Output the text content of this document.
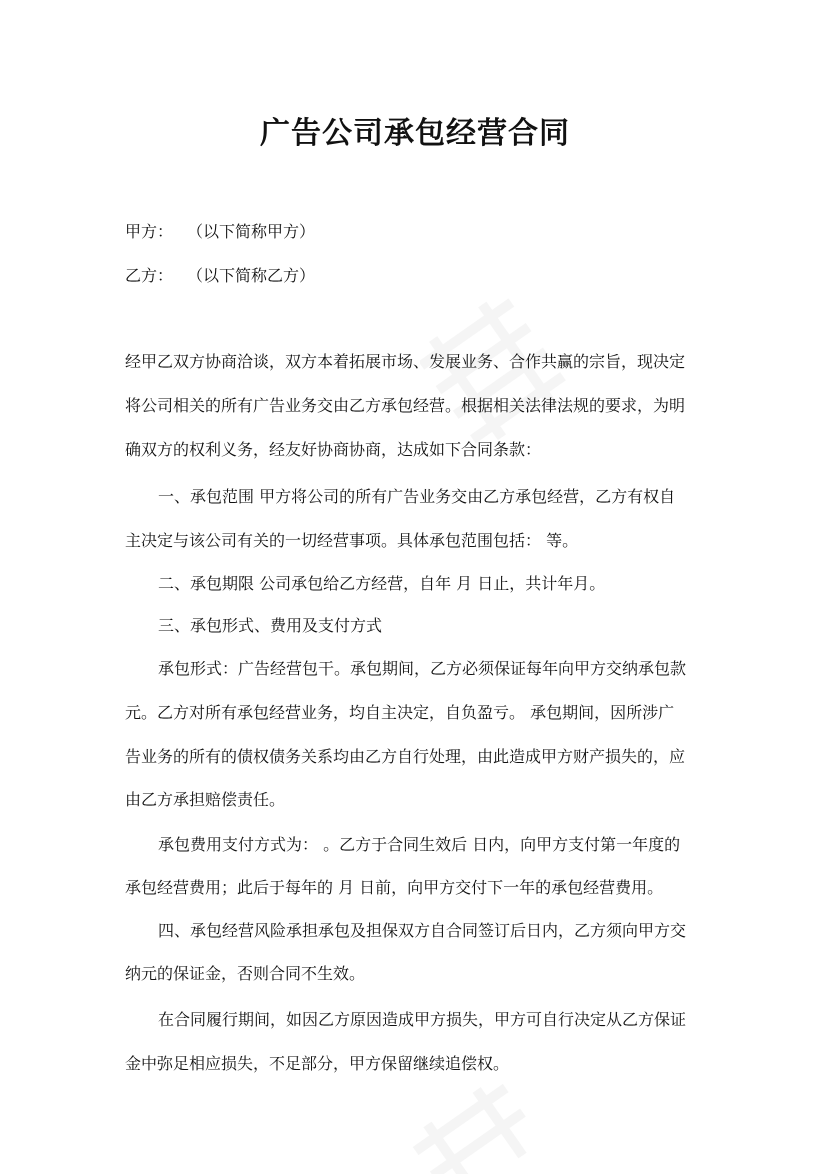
广告公司承包经营合同
甲方： （以下简称甲方）
乙方： （以下简称乙方）
经甲乙双方协商洽谈，双方本着拓展市场、发展业务、合作共赢的宗旨，现决定
将公司相关的所有广告业务交由乙方承包经营。根据相关法律法规的要求，为明
确双方的权利义务，经友好协商协商，达成如下合同条款：
一、承包范围 甲方将公司的所有广告业务交由乙方承包经营，乙方有权自
主决定与该公司有关的一切经营事项。具体承包范围包括： 等。
二、承包期限 公司承包给乙方经营，自年 月 日止，共计年月。
三、承包形式、费用及支付方式
承包形式：广告经营包干。承包期间，乙方必须保证每年向甲方交纳承包款
元。乙方对所有承包经营业务，均自主决定，自负盈亏。 承包期间，因所涉广
告业务的所有的债权债务关系均由乙方自行处理，由此造成甲方财产损失的，应
由乙方承担赔偿责任。
承包费用支付方式为： 。乙方于合同生效后 日内，向甲方支付第一年度的
承包经营费用；此后于每年的 月 日前，向甲方交付下一年的承包经营费用。
四、承包经营风险承担承包及担保双方自合同签订后日内，乙方须向甲方交
纳元的保证金，否则合同不生效。
在合同履行期间，如因乙方原因造成甲方损失，甲方可自行决定从乙方保证
金中弥足相应损失，不足部分，甲方保留继续追偿权。
